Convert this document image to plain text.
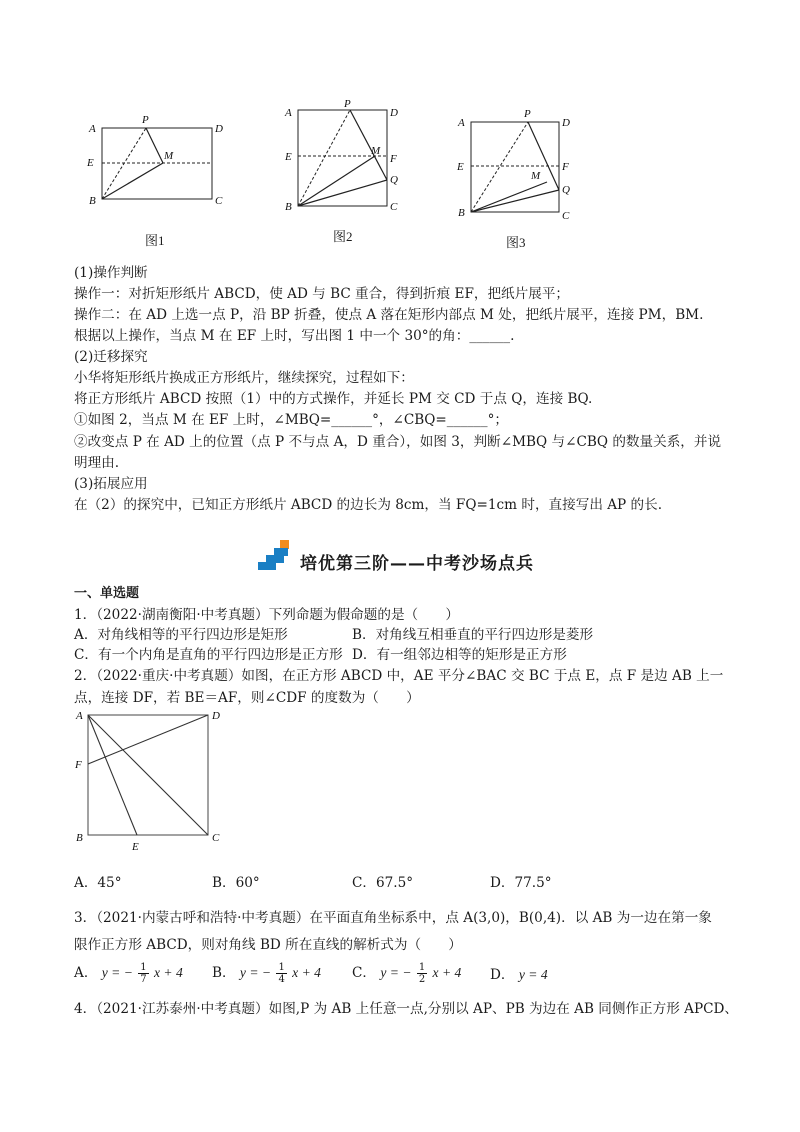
A
P
D
E
M
B	C
图1
A
P
D
E	M
F
Q
B	C
图2
A
P
D
E
M
F
Q
B	C
图3
(1)操作判断
操作一：对折矩形纸片 ABCD，使 AD 与 BC 重合，得到折痕 EF，把纸片展平；
操作二：在 AD 上选一点 P，沿 BP 折叠，使点 A 落在矩形内部点 M 处，把纸片展平，连接 PM，BM.
根据以上操作，当点 M 在 EF 上时，写出图 1 中一个 30°的角：______.
(2)迁移探究
小华将矩形纸片换成正方形纸片，继续探究，过程如下：
将正方形纸片 ABCD 按照（1）中的方式操作，并延长 PM 交 CD 于点 Q，连接 BQ.
①如图 2，当点 M 在 EF 上时，∠MBQ=______°，∠CBQ=______°；
②改变点 P 在 AD 上的位置（点 P 不与点 A，D 重合），如图 3，判断∠MBQ 与∠CBQ 的数量关系，并说
明理由.
(3)拓展应用
在（2）的探究中，已知正方形纸片 ABCD 的边长为 8cm，当 FQ=1cm 时，直接写出 AP 的长.
培优第三阶——中考沙场点兵
一、单选题
1．（2022·湖南衡阳·中考真题）下列命题为假命题的是（　　）
A．对角线相等的平行四边形是矩形	B．对角线互相垂直的平行四边形是菱形
C．有一个内角是直角的平行四边形是正方形 D．有一组邻边相等的矩形是正方形
2．（2022·重庆·中考真题）如图，在正方形 ABCD 中，AE 平分∠BAC 交 BC 于点 E，点 F 是边 AB 上一
点，连接 DF，若 BE＝AF，则∠CDF 的度数为（　　）
A	D
F
B
E
C
A．45°	B．60°	C．67.5°	D．77.5°
3．（2021·内蒙古呼和浩特·中考真题）在平面直角坐标系中，点 A(3,0)，B(0,4)．以 AB 为一边在第一象
限作正方形 ABCD，则对角线 BD 所在直线的解析式为（　　）
A． y = − $\frac{1}{7}$ x + 4 B． y = − $\frac{1}{4}$ x + 4 C． y = − $\frac{1}{2}$ x + 4 D． y = 4
4．（2021·江苏泰州·中考真题）如图,P 为 AB 上任意一点,分别以 AP、PB 为边在 AB 同侧作正方形 APCD、
